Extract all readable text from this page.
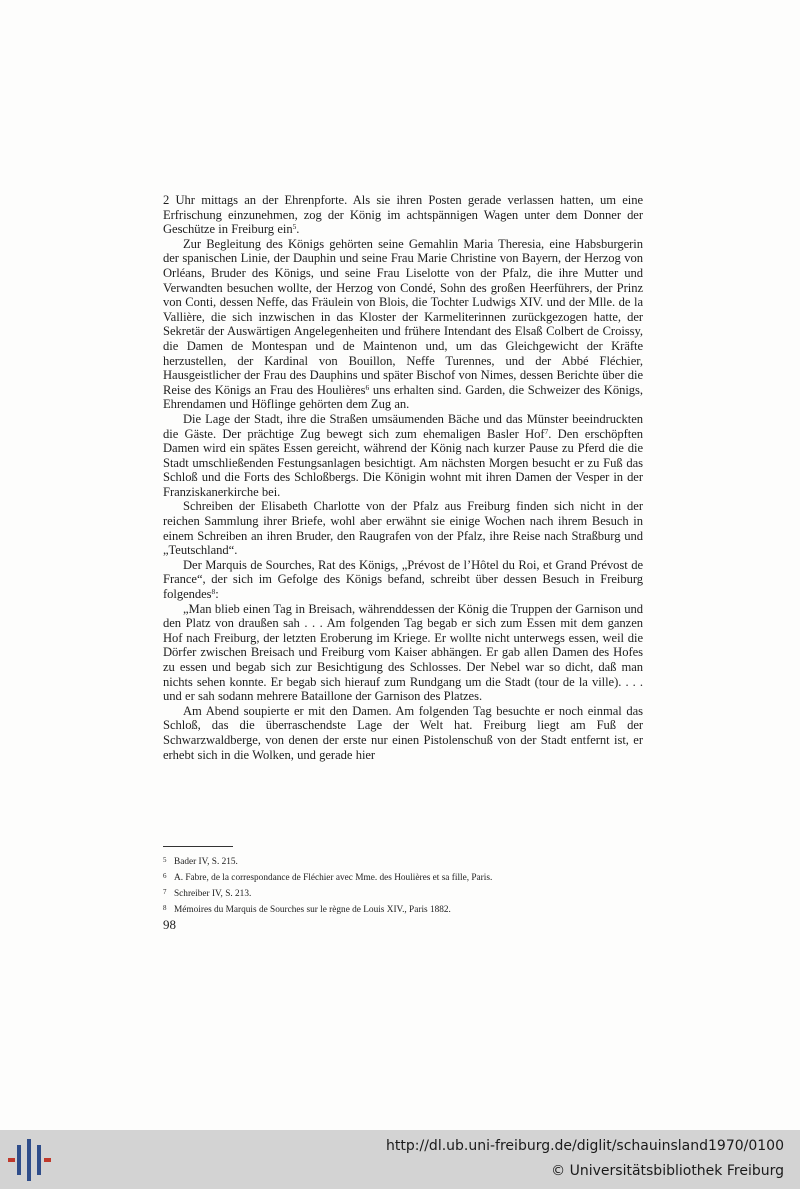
2 Uhr mittags an der Ehrenpforte. Als sie ihren Posten gerade verlassen hatten, um eine Erfrischung einzunehmen, zog der König im achtspännigen Wagen unter dem Donner der Geschütze in Freiburg ein$^5$.

Zur Begleitung des Königs gehörten seine Gemahlin Maria Theresia, eine Habsburgerin der spanischen Linie, der Dauphin und seine Frau Marie Christine von Bayern, der Herzog von Orléans, Bruder des Königs, und seine Frau Liselotte von der Pfalz, die ihre Mutter und Verwandten besuchen wollte, der Herzog von Condé, Sohn des großen Heerführers, der Prinz von Conti, dessen Neffe, das Fräulein von Blois, die Tochter Ludwigs XIV. und der Mlle. de la Vallière, die sich inzwischen in das Kloster der Karmeliterinnen zurückgezogen hatte, der Sekretär der Auswärtigen Angelegenheiten und frühere Intendant des Elsaß Colbert de Croissy, die Damen de Montespan und de Maintenon und, um das Gleichgewicht der Kräfte herzustellen, der Kardinal von Bouillon, Neffe Turennes, und der Abbé Fléchier, Hausgeistlicher der Frau des Dauphins und später Bischof von Nimes, dessen Berichte über die Reise des Königs an Frau des Houlières$^6$ uns erhalten sind. Garden, die Schweizer des Königs, Ehrendamen und Höflinge gehörten dem Zug an.

Die Lage der Stadt, ihre die Straßen umsäumenden Bäche und das Münster beeindruckten die Gäste. Der prächtige Zug bewegt sich zum ehemaligen Basler Hof$^7$. Den erschöpften Damen wird ein spätes Essen gereicht, während der König nach kurzer Pause zu Pferd die die Stadt umschließenden Festungsanlagen besichtigt. Am nächsten Morgen besucht er zu Fuß das Schloß und die Forts des Schloßbergs. Die Königin wohnt mit ihren Damen der Vesper in der Franziskanerkirche bei.

Schreiben der Elisabeth Charlotte von der Pfalz aus Freiburg finden sich nicht in der reichen Sammlung ihrer Briefe, wohl aber erwähnt sie einige Wochen nach ihrem Besuch in einem Schreiben an ihren Bruder, den Raugrafen von der Pfalz, ihre Reise nach Straßburg und „Teutschland“.

Der Marquis de Sourches, Rat des Königs, „Prévost de l’Hôtel du Roi, et Grand Prévost de France“, der sich im Gefolge des Königs befand, schreibt über dessen Besuch in Freiburg folgendes$^8$:

„Man blieb einen Tag in Breisach, währenddessen der König die Truppen der Garnison und den Platz von draußen sah . . . Am folgenden Tag begab er sich zum Essen mit dem ganzen Hof nach Freiburg, der letzten Eroberung im Kriege. Er wollte nicht unterwegs essen, weil die Dörfer zwischen Breisach und Freiburg vom Kaiser abhängen. Er gab allen Damen des Hofes zu essen und begab sich zur Besichtigung des Schlosses. Der Nebel war so dicht, daß man nichts sehen konnte. Er begab sich hierauf zum Rundgang um die Stadt (tour de la ville). . . . und er sah sodann mehrere Bataillone der Garnison des Platzes.

Am Abend soupierte er mit den Damen. Am folgenden Tag besuchte er noch einmal das Schloß, das die überraschendste Lage der Welt hat. Freiburg liegt am Fuß der Schwarzwaldberge, von denen der erste nur einen Pistolenschuß von der Stadt entfernt ist, er erhebt sich in die Wolken, und gerade hier

5 Bader IV, S. 215.
6 A. Fabre, de la correspondance de Fléchier avec Mme. des Houlières et sa fille, Paris.
7 Schreiber IV, S. 213.
8 Mémoires du Marquis de Sourches sur le règne de Louis XIV., Paris 1882.
98
http://dl.ub.uni-freiburg.de/diglit/schauinsland1970/0100
© Universitätsbibliothek Freiburg
